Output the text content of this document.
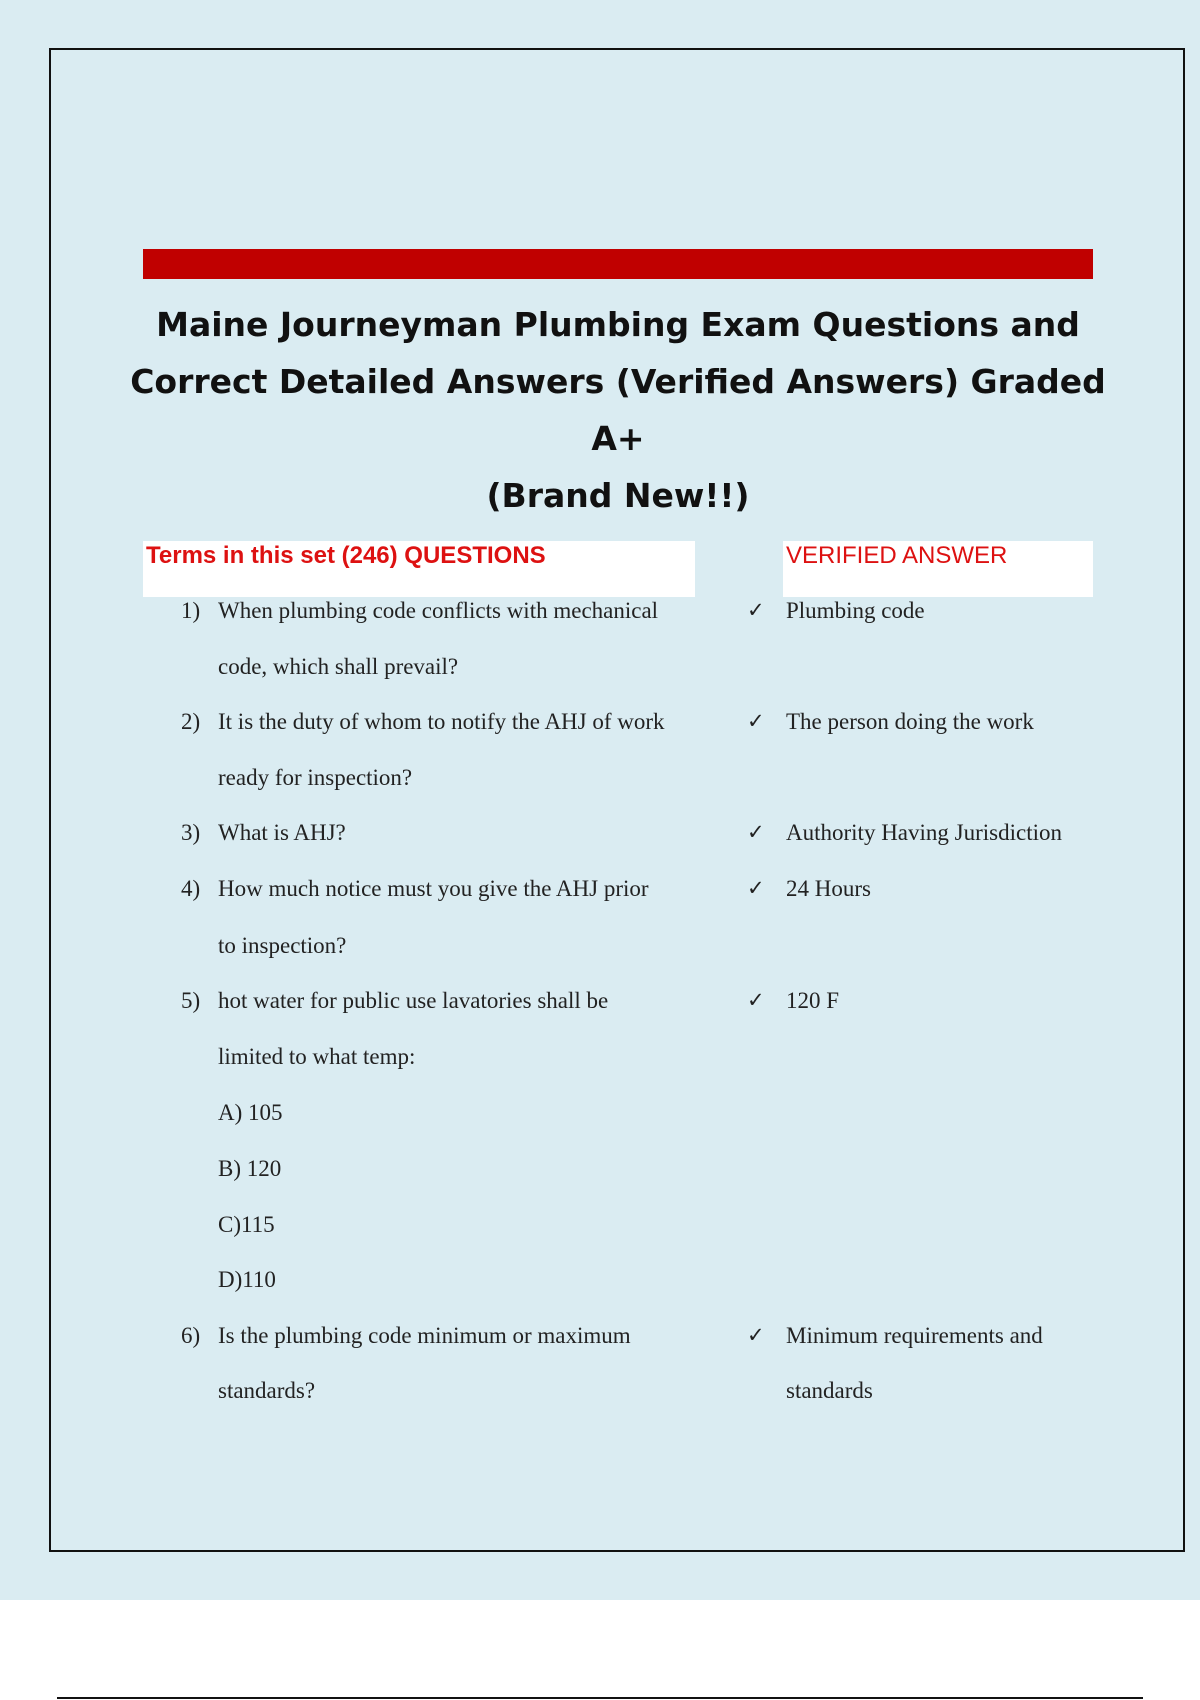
Maine Journeyman Plumbing Exam Questions and
Correct Detailed Answers (Verified Answers) Graded A+
(Brand New!!)
Terms in this set (246) QUESTIONS	VERIFIED ANSWER
1) When plumbing code conflicts with mechanical
code, which shall prevail?
✓ Plumbing code
2) It is the duty of whom to notify the AHJ of work
ready for inspection?
✓ The person doing the work
3) What is AHJ?	✓ Authority Having Jurisdiction
4) How much notice must you give the AHJ prior
to inspection?
✓ 24 Hours
5) hot water for public use lavatories shall be
limited to what temp:
A) 105
B) 120
C)115
D)110
✓ 120 F
6) Is the plumbing code minimum or maximum
standards?
✓ Minimum requirements and
standards
